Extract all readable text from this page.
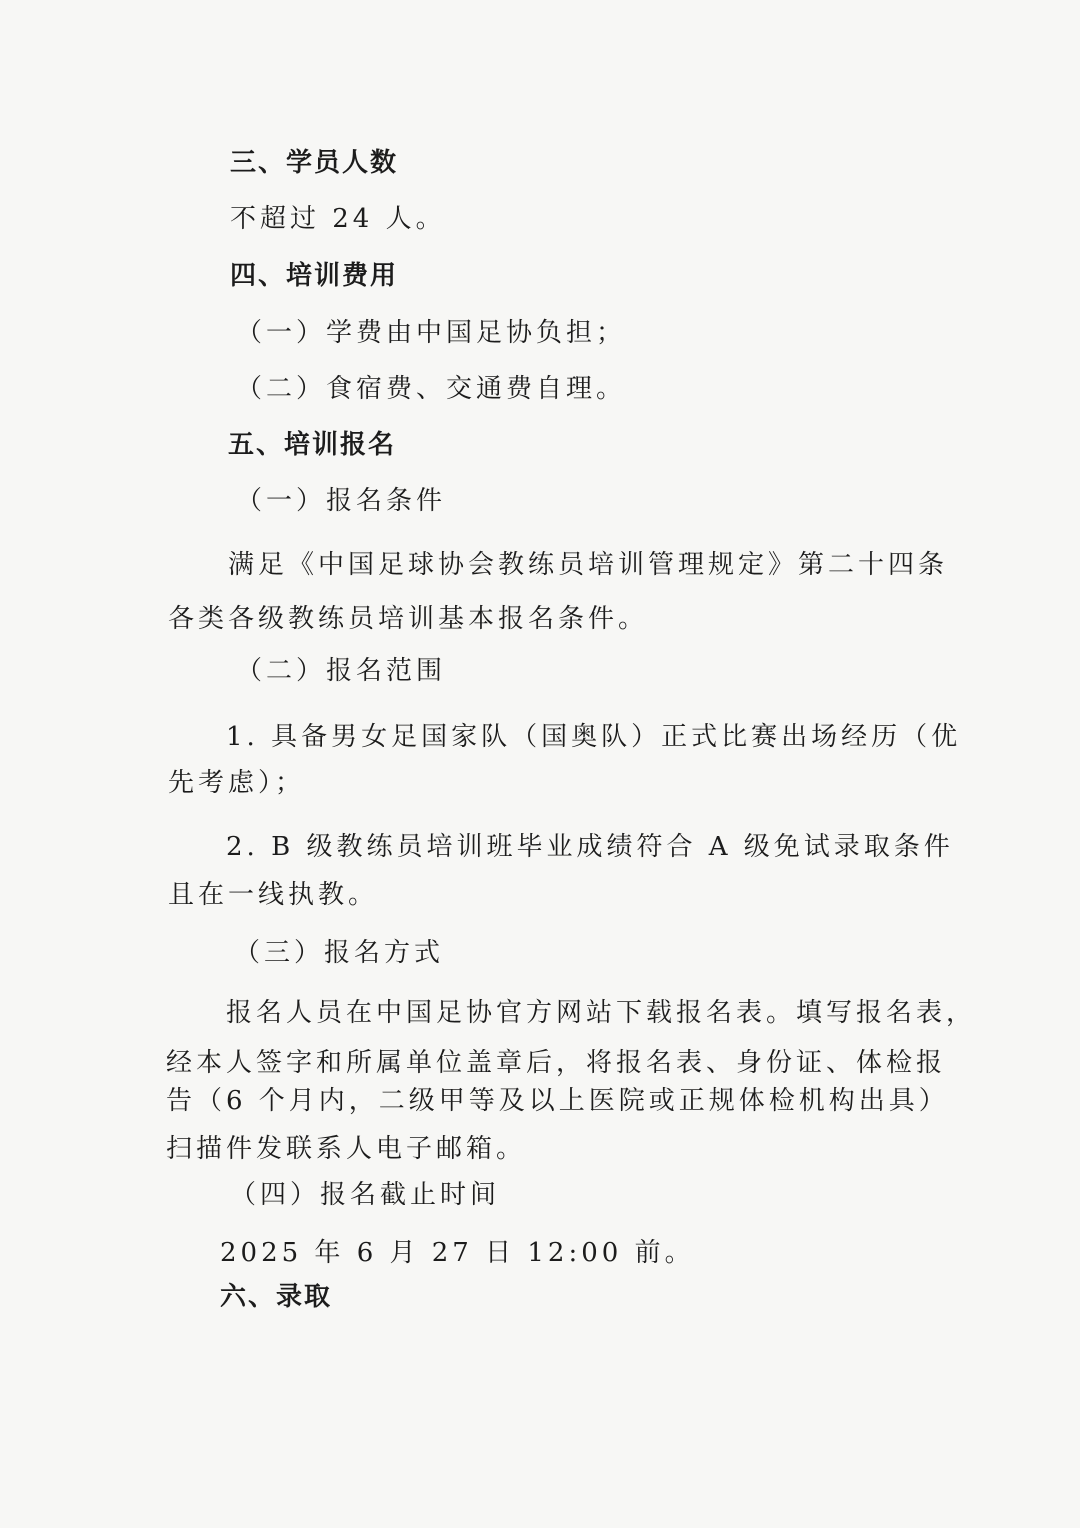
三、学员人数
不超过 24 人。
四、培训费用
（一）学费由中国足协负担；
（二）食宿费、交通费自理。
五、培训报名
（一）报名条件
满足《中国足球协会教练员培训管理规定》第二十四条
各类各级教练员培训基本报名条件。
（二）报名范围
1. 具备男女足国家队（国奥队）正式比赛出场经历（优
先考虑）；
2. B 级教练员培训班毕业成绩符合 A 级免试录取条件
且在一线执教。
（三）报名方式
报名人员在中国足协官方网站下载报名表。填写报名表，
经本人签字和所属单位盖章后，将报名表、身份证、体检报
告（6 个月内，二级甲等及以上医院或正规体检机构出具）
扫描件发联系人电子邮箱。
（四）报名截止时间
2025 年 6 月 27 日 12:00 前。
六、录取
